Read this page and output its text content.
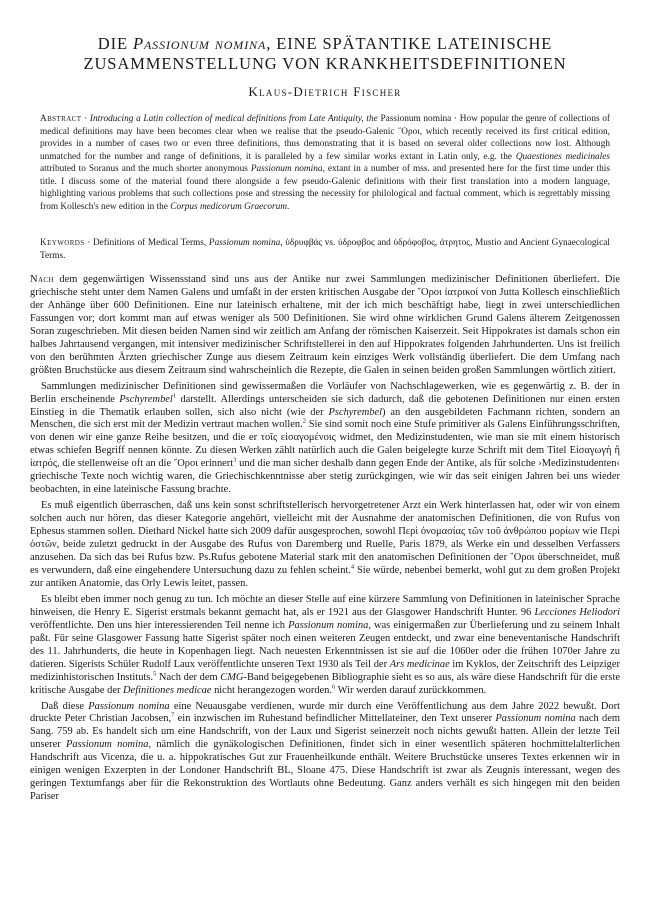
DIE Passionum nomina, EINE SPÄTANTIKE LATEINISCHE ZUSAMMENSTELLUNG VON KRANKHEITSDEFINITIONEN
Klaus-Dietrich Fischer
Abstract · Introducing a Latin collection of medical definitions from Late Antiquity, the Passionum nomina · How popular the genre of collections of medical definitions may have been becomes clear when we realise that the pseudo-Galenic ῞Οροι, which recently received its first critical edition, provides in a number of cases two or even three definitions, thus demonstrating that it is based on several older collections now lost. Although unmatched for the number and range of definitions, it is paralleled by a few similar works extant in Latin only, e.g. the Quaestiones medicinales attributed to Soranus and the much shorter anonymous Passionum nomina, extant in a number of mss. and presented here for the first time under this title. I discuss some of the material found there alongside a few pseudo-Galenic definitions with their first translation into a modern language, highlighting various problems that such collections pose and stressing the necessity for philological and factual comment, which is regrettably missing from Kollesch's new edition in the Corpus medicorum Graecorum.
Keywords · Definitions of Medical Terms, Passionum nomina, ὑδρυφβάς vs. ὑδροφβος and ὑδρόφοβος, ἀτρητος, Mustio and Ancient Gynaecological Terms.

Nach dem gegenwärtigen Wissensstand sind uns aus der Antike nur zwei Sammlungen medizinischer Definitionen überliefert. Die griechische steht unter dem Namen Galens und umfaßt in der ersten kritischen Ausgabe der ῞Οροι ἰατρικοί von Jutta Kollesch einschließlich der Anhänge über 600 Definitionen. Eine nur lateinisch erhaltene, mit der ich mich beschäftigt habe, liegt in zwei unterschiedlichen Fassungen vor; dort kommt man auf etwas weniger als 500 Definitionen. Sie wird ohne wirklichen Grund Galens älterem Zeitgenossen Soran zugeschrieben. Mit diesen beiden Namen sind wir zeitlich am Anfang der römischen Kaiserzeit. Seit Hippokrates ist damals schon ein halbes Jahrtausend vergangen, mit intensiver medizinischer Schriftstellerei in den auf Hippokrates folgenden Jahrhunderten. Uns ist freilich von den berühmten Ärzten griechischer Zunge aus diesem Zeitraum kein einziges Werk vollständig überliefert. Die dem Umfang nach größten Bruchstücke aus diesem Zeitraum sind wahrscheinlich die Rezepte, die Galen in seinen beiden großen Sammlungen wörtlich zitiert.

Sammlungen medizinischer Definitionen sind gewissermaßen die Vorläufer von Nachschlagewerken, wie es gegenwärtig z. B. der in Berlin erscheinende Pschyrembel$^1$ darstellt. Allerdings unterscheiden sie sich dadurch, daß die gebotenen Definitionen nur einen ersten Einstieg in die Thematik erlauben sollen, sich also nicht (wie der Pschyrembel) an den ausgebildeten Fachmann richten, sondern an Menschen, die sich erst mit der Medizin vertraut machen wollen.$^2$ Sie sind somit noch eine Stufe primitiver als Galens Einführungsschriften, von denen wir eine ganze Reihe besitzen, und die er τοῖς εἰσαγομένοις widmet, den Medizinstudenten, wie man sie mit einem historisch etwas schiefen Begriff nennen könnte. Zu diesen Werken zählt natürlich auch die Galen beigelegte kurze Schrift mit dem Titel Εἰσαγωγὴ ἢ ἰατρός, die stellenweise oft an die ῞Οροι erinnert$^3$ und die man sicher deshalb dann gegen Ende der Antike, als für solche ›Medizinstudenten‹ griechische Texte noch wichtig waren, die Griechischkenntnisse aber stetig zurückgingen, wie wir das seit einigen Jahren bei uns wieder beobachten, in eine lateinische Fassung brachte.

Es muß eigentlich überraschen, daß uns kein sonst schriftstellerisch hervorgetretener Arzt ein Werk hinterlassen hat, oder wir von einem solchen auch nur hören, das dieser Kategorie angehört, vielleicht mit der Ausnahme der anatomischen Definitionen, die von Rufus von Ephesus stammen sollen. Diethard Nickel hatte sich 2009 dafür ausgesprochen, sowohl Περὶ ὀνομασίας τῶν τοῦ ἀνθρώπου μορίων wie Περὶ ὀστῶν, beide zuletzt gedruckt in der Ausgabe des Rufus von Daremberg und Ruelle, Paris 1879, als Werke ein und desselben Verfassers anzusehen. Da sich das bei Rufus bzw. Ps.Rufus gebotene Material stark mit den anatomischen Definitionen der ῞Οροι überschneidet, muß es verwundern, daß eine eingehendere Untersuchung dazu zu fehlen scheint.$^4$ Sie würde, nebenbei bemerkt, wohl gut zu dem großen Projekt zur antiken Anatomie, das Orly Lewis leitet, passen.

Es bleibt eben immer noch genug zu tun. Ich möchte an dieser Stelle auf eine kürzere Sammlung von Definitionen in lateinischer Sprache hinweisen, die Henry E. Sigerist erstmals bekannt gemacht hat, als er 1921 aus der Glasgower Handschrift Hunter. 96 Lecciones Heliodori veröffentlichte. Den uns hier interessierenden Teil nenne ich Passionum nomina, was einigermaßen zur Überlieferung und zu seinem Inhalt paßt. Für seine Glasgower Fassung hatte Sigerist später noch einen weiteren Zeugen entdeckt, und zwar eine beneventanische Handschrift des 11. Jahrhunderts, die heute in Kopenhagen liegt. Nach neuesten Erkenntnissen ist sie auf die 1060er oder die frühen 1070er Jahre zu datieren. Sigerists Schüler Rudolf Laux veröffentlichte unseren Text 1930 als Teil der Ars medicinae im Kyklos, der Zeitschrift des Leipziger medizinhistorischen Instituts.$^5$ Nach der dem CMG-Band beigegebenen Bibliographie sieht es so aus, als wäre diese Handschrift für die erste kritische Ausgabe der Definitiones medicae nicht herangezogen worden.$^6$ Wir werden darauf zurückkommen.

Daß diese Passionum nomina eine Neuausgabe verdienen, wurde mir durch eine Veröffentlichung aus dem Jahre 2022 bewußt. Dort druckte Peter Christian Jacobsen,$^7$ ein inzwischen im Ruhestand befindlicher Mittellateiner, den Text unserer Passionum nomina nach dem Sang. 759 ab. Es handelt sich um eine Handschrift, von der Laux und Sigerist seinerzeit noch nichts gewußt hatten. Allein der letzte Teil unserer Passionum nomina, nämlich die gynäkologischen Definitionen, findet sich in einer wesentlich späteren hochmittelalterlichen Handschrift aus Vicenza, die u. a. hippokratisches Gut zur Frauenheilkunde enthält. Weitere Bruchstücke unseres Textes erkennen wir in einigen wenigen Exzerpten in der Londoner Handschrift BL, Sloane 475. Diese Handschrift ist zwar als Zeugnis interessant, wegen des geringen Textumfangs aber für die Rekonstruktion des Wortlauts ohne Bedeutung. Ganz anders verhält es sich hingegen mit den beiden Pariser
